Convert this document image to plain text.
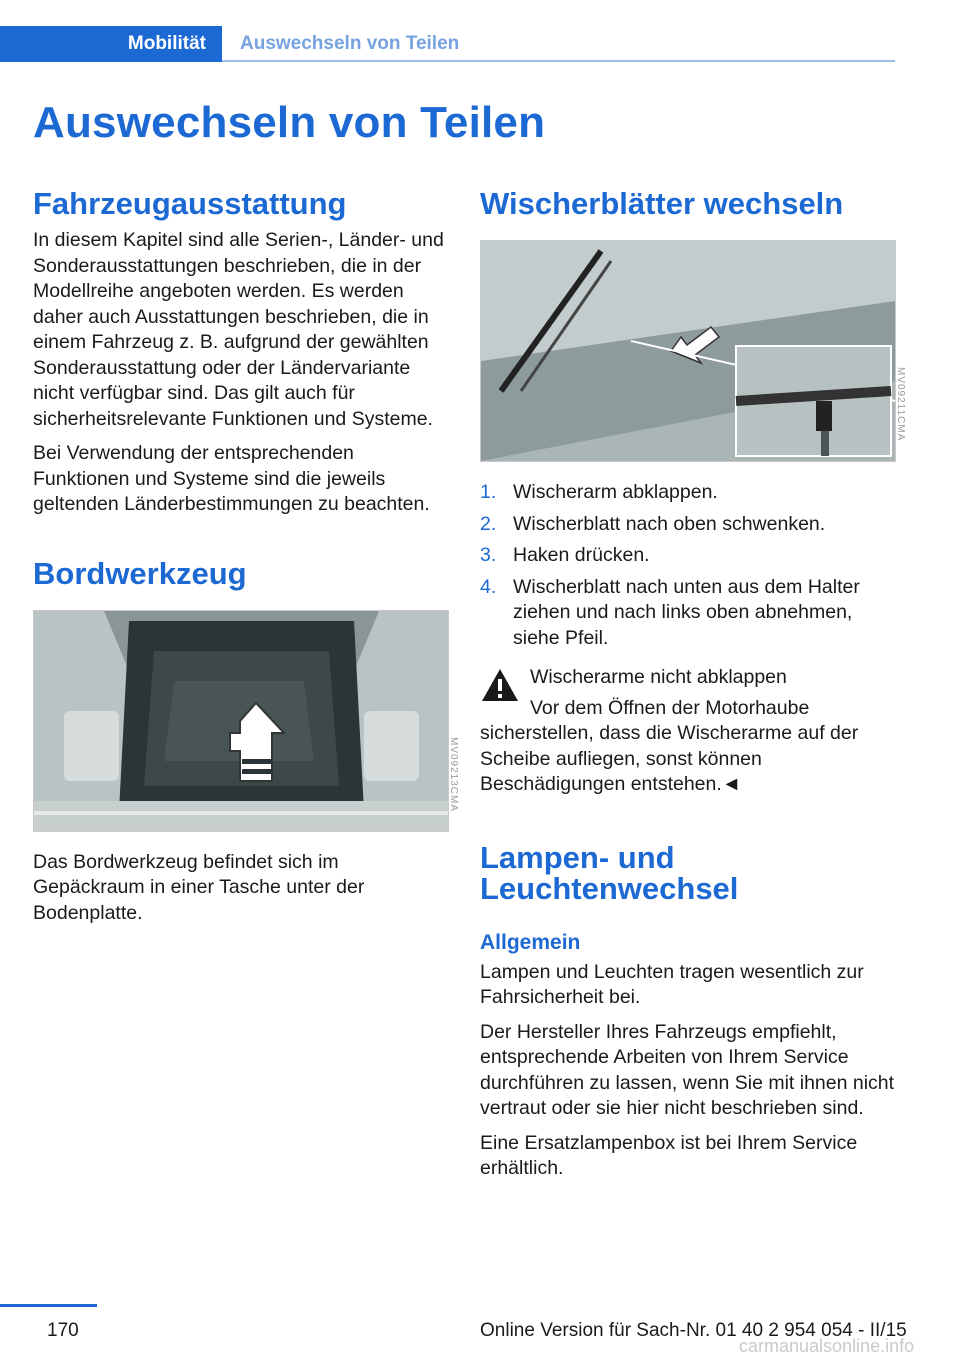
Mobilität	Auswechseln von Teilen
Auswechseln von Teilen
Fahrzeugausstattung

In diesem Kapitel sind alle Serien-, Länder- und Sonderausstattungen beschrieben, die in der Modellreihe angeboten werden. Es werden daher auch Ausstattungen beschrieben, die in einem Fahrzeug z. B. aufgrund der gewählten Sonderausstattung oder der Ländervariante nicht verfügbar sind. Das gilt auch für sicherheitsrelevante Funktionen und Systeme.

Bei Verwendung der entsprechenden Funktionen und Systeme sind die jeweils geltenden Länderbestimmungen zu beachten.

Bordwerkzeug
MV09213CMA

Das Bordwerkzeug befindet sich im Gepäckraum in einer Tasche unter der Bodenplatte.

Wischerblätter wechseln
MV09211CMA
1. Wischerarm abklappen.
2. Wischerblatt nach oben schwenken.
3. Haken drücken.
4. Wischerblatt nach unten aus dem Halter ziehen und nach links oben abnehmen, siehe Pfeil.
Wischerarme nicht abklappen
Vor dem Öffnen der Motorhaube sicherstellen, dass die Wischerarme auf der Scheibe aufliegen, sonst können Beschädigungen entstehen.◄
Lampen- und Leuchtenwechsel
Allgemein

Lampen und Leuchten tragen wesentlich zur Fahrsicherheit bei.

Der Hersteller Ihres Fahrzeugs empfiehlt, entsprechende Arbeiten von Ihrem Service durchführen zu lassen, wenn Sie mit ihnen nicht vertraut oder sie hier nicht beschrieben sind.

Eine Ersatzlampenbox ist bei Ihrem Service erhältlich.

170	Online Version für Sach-Nr. 01 40 2 954 054 - II/15
carmanualsonline.info
